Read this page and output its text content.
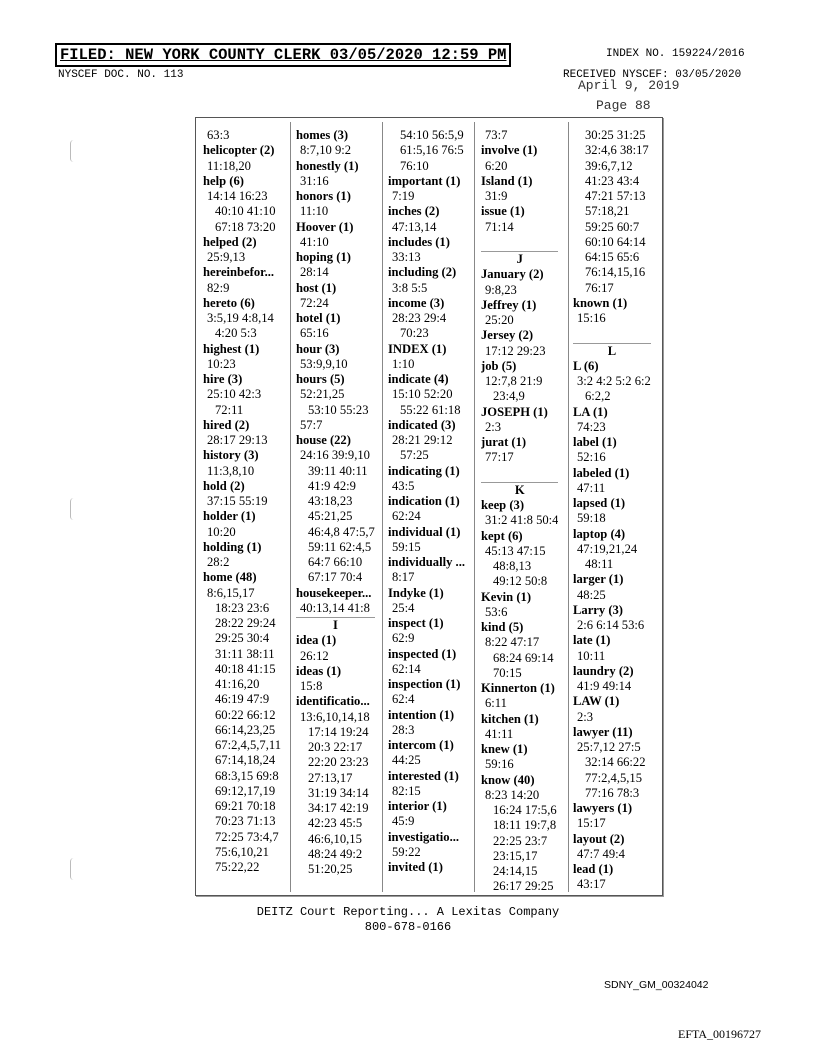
FILED: NEW YORK COUNTY CLERK 03/05/2020 12:59 PM	INDEX NO. 159224/2016
NYSCEF DOC. NO. 113	RECEIVED NYSCEF: 03/05/2020
April 9, 2019
Page 88
63:3
helicopter (2)
11:18,20
help (6)
14:14 16:23
40:10 41:10
67:18 73:20
helped (2)
25:9,13
hereinbefor...
82:9
hereto (6)
3:5,19 4:8,14
4:20 5:3
highest (1)
10:23
hire (3)
25:10 42:3
72:11
hired (2)
28:17 29:13
history (3)
11:3,8,10
hold (2)
37:15 55:19
holder (1)
10:20
holding (1)
28:2
home (48)
8:6,15,17
18:23 23:6
28:22 29:24
29:25 30:4
31:11 38:11
40:18 41:15
41:16,20
46:19 47:9
60:22 66:12
66:14,23,25
67:2,4,5,7,11
67:14,18,24
68:3,15 69:8
69:12,17,19
69:21 70:18
70:23 71:13
72:25 73:4,7
75:6,10,21
75:22,22
homes (3)
8:7,10 9:2
honestly (1)
31:16
honors (1)
11:10
Hoover (1)
41:10
hoping (1)
28:14
host (1)
72:24
hotel (1)
65:16
hour (3)
53:9,9,10
hours (5)
52:21,25
53:10 55:23
57:7
house (22)
24:16 39:9,10
39:11 40:11
41:9 42:9
43:18,23
45:21,25
46:4,8 47:5,7
59:11 62:4,5
64:7 66:10
67:17 70:4
housekeeper...
40:13,14 41:8
I
idea (1)
26:12
ideas (1)
15:8
identificatio...
13:6,10,14,18
17:14 19:24
20:3 22:17
22:20 23:23
27:13,17
31:19 34:14
34:17 42:19
42:23 45:5
46:6,10,15
48:24 49:2
51:20,25
54:10 56:5,9
61:5,16 76:5
76:10
important (1)
7:19
inches (2)
47:13,14
includes (1)
33:13
including (2)
3:8 5:5
income (3)
28:23 29:4
70:23
INDEX (1)
1:10
indicate (4)
15:10 52:20
55:22 61:18
indicated (3)
28:21 29:12
57:25
indicating (1)
43:5
indication (1)
62:24
individual (1)
59:15
individually ...
8:17
Indyke (1)
25:4
inspect (1)
62:9
inspected (1)
62:14
inspection (1)
62:4
intention (1)
28:3
intercom (1)
44:25
interested (1)
82:15
interior (1)
45:9
investigatio...
59:22
invited (1)
73:7
involve (1)
6:20
Island (1)
31:9
issue (1)
71:14
J
January (2)
9:8,23
Jeffrey (1)
25:20
Jersey (2)
17:12 29:23
job (5)
12:7,8 21:9
23:4,9
JOSEPH (1)
2:3
jurat (1)
77:17
K
keep (3)
31:2 41:8 50:4
kept (6)
45:13 47:15
48:8,13
49:12 50:8
Kevin (1)
53:6
kind (5)
8:22 47:17
68:24 69:14
70:15
Kinnerton (1)
6:11
kitchen (1)
41:11
knew (1)
59:16
know (40)
8:23 14:20
16:24 17:5,6
18:11 19:7,8
22:25 23:7
23:15,17
24:14,15
26:17 29:25
30:25 31:25
32:4,6 38:17
39:6,7,12
41:23 43:4
47:21 57:13
57:18,21
59:25 60:7
60:10 64:14
64:15 65:6
76:14,15,16
76:17
known (1)
15:16
L
L (6)
3:2 4:2 5:2 6:2
6:2,2
LA (1)
74:23
label (1)
52:16
labeled (1)
47:11
lapsed (1)
59:18
laptop (4)
47:19,21,24
48:11
larger (1)
48:25
Larry (3)
2:6 6:14 53:6
late (1)
10:11
laundry (2)
41:9 49:14
LAW (1)
2:3
lawyer (11)
25:7,12 27:5
32:14 66:22
77:2,4,5,15
77:16 78:3
lawyers (1)
15:17
layout (2)
47:7 49:4
lead (1)
43:17
DEITZ Court Reporting... A Lexitas Company
800-678-0166
SDNY_GM_00324042
EFTA_00196727
